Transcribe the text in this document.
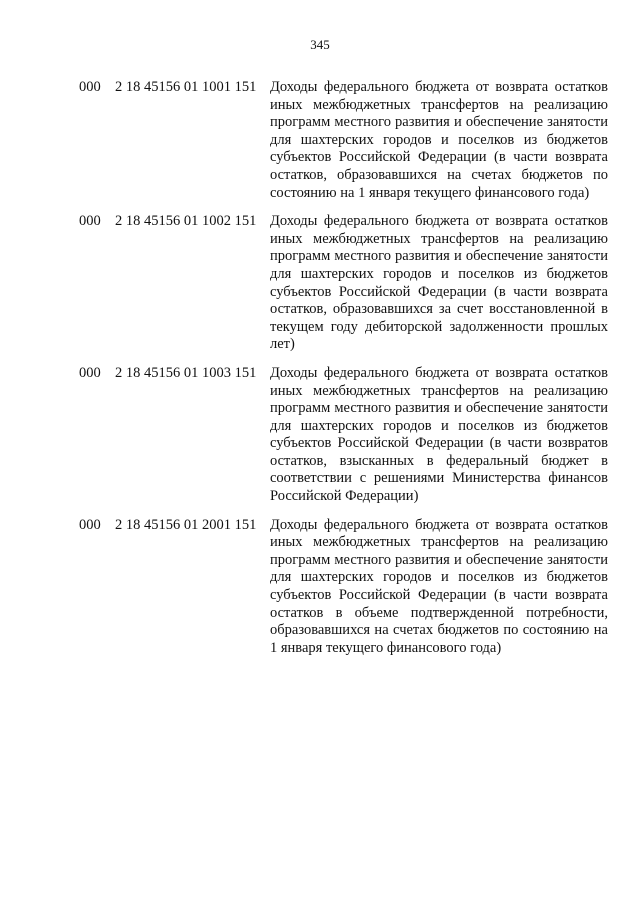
345
000 2 18 45156 01 1001 151 Доходы федерального бюджета от возврата остатков иных межбюджетных трансфертов на реализацию программ местного развития и обеспечение занятости для шахтерских городов и поселков из бюджетов субъектов Российской Федерации (в части возврата остатков, образовавшихся на счетах бюджетов по состоянию на 1 января текущего финансового года)
000 2 18 45156 01 1002 151 Доходы федерального бюджета от возврата остатков иных межбюджетных трансфертов на реализацию программ местного развития и обеспечение занятости для шахтерских городов и поселков из бюджетов субъектов Российской Федерации (в части возврата остатков, образовавшихся за счет восстановленной в текущем году дебиторской задолженности прошлых лет)
000 2 18 45156 01 1003 151 Доходы федерального бюджета от возврата остатков иных межбюджетных трансфертов на реализацию программ местного развития и обеспечение занятости для шахтерских городов и поселков из бюджетов субъектов Российской Федерации (в части возвратов остатков, взысканных в федеральный бюджет в соответствии с решениями Министерства финансов Российской Федерации)
000 2 18 45156 01 2001 151 Доходы федерального бюджета от возврата остатков иных межбюджетных трансфертов на реализацию программ местного развития и обеспечение занятости для шахтерских городов и поселков из бюджетов субъектов Российской Федерации (в части возврата остатков в объеме подтвержденной потребности, образовавшихся на счетах бюджетов по состоянию на 1 января текущего финансового года)
